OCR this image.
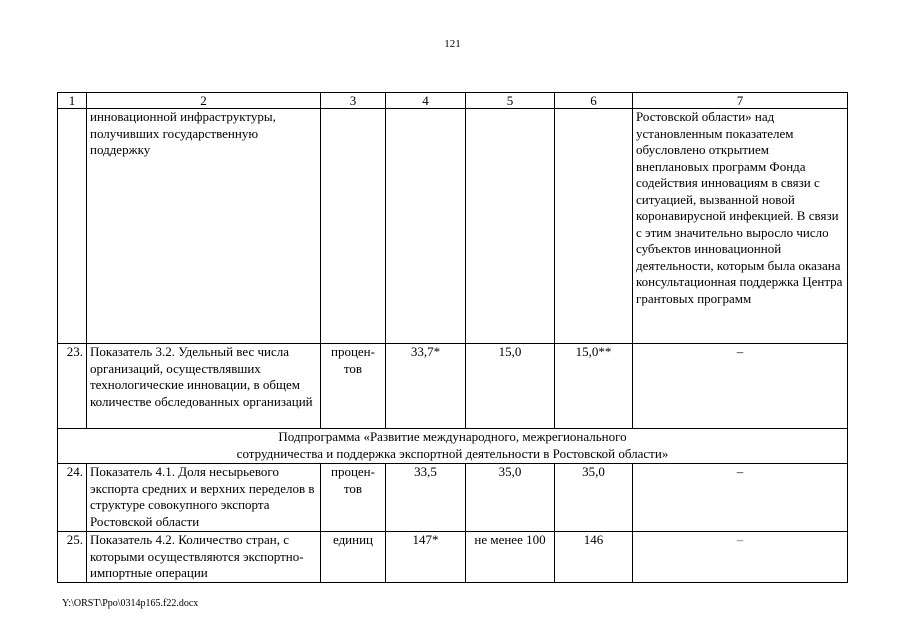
121
1	2	3	4	5	6	7
	инновационной инфраструктуры, получивших государственную поддержку					Ростовской области» над установленным показателем обусловлено открытием внеплановых программ Фонда содействия инновациям в связи с ситуацией, вызванной новой коронавирусной инфекцией. В связи с этим значительно выросло число субъектов инновационной деятельности, которым была оказана консультационная поддержка Центра грантовых программ
23.	Показатель 3.2. Удельный вес числа организаций, осуществлявших технологические инновации, в общем количестве обследованных организаций	процен-тов	33,7*	15,0	15,0**	–

Подпрограмма «Развитие международного, межрегионального
сотрудничества и поддержка экспортной деятельности в Ростовской области»						

24.	Показатель 4.1. Доля несырьевого экспорта средних и верхних переделов в структуре совокупного экспорта Ростовской области	процен-тов	33,5	35,0	35,0	–
25.	Показатель 4.2. Количество стран, с которыми осуществляются экспортно-импортные операции	единиц	147*	не менее 100	146	–
Y:\ORST\Ppo\0314p165.f22.docx
